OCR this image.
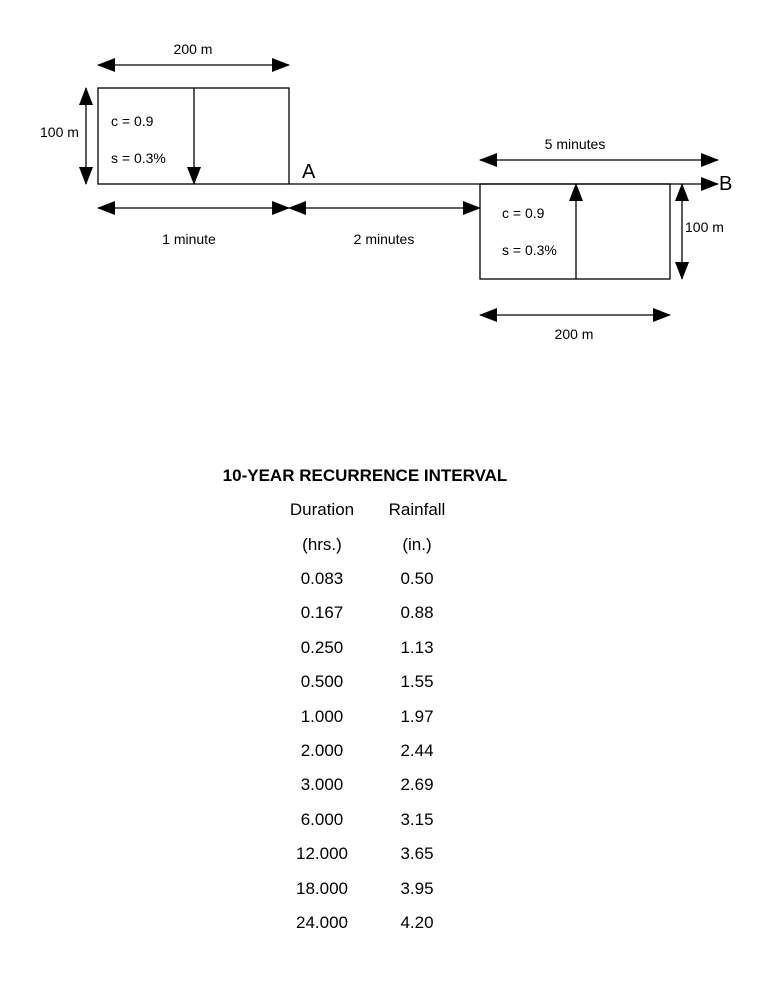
200 m
100 m
c = 0.9
s = 0.3%
A
B
1 minute	2 minutes
5 minutes
c = 0.9
s = 0.3%
100 m
200 m
10-YEAR RECURRENCE INTERVAL
Duration	Rainfall
(hrs.)	(in.)
0.083	0.50
0.167	0.88
0.250	1.13
0.500	1.55
1.000	1.97
2.000	2.44
3.000	2.69
6.000	3.15
12.000	3.65
18.000	3.95
24.000	4.20
